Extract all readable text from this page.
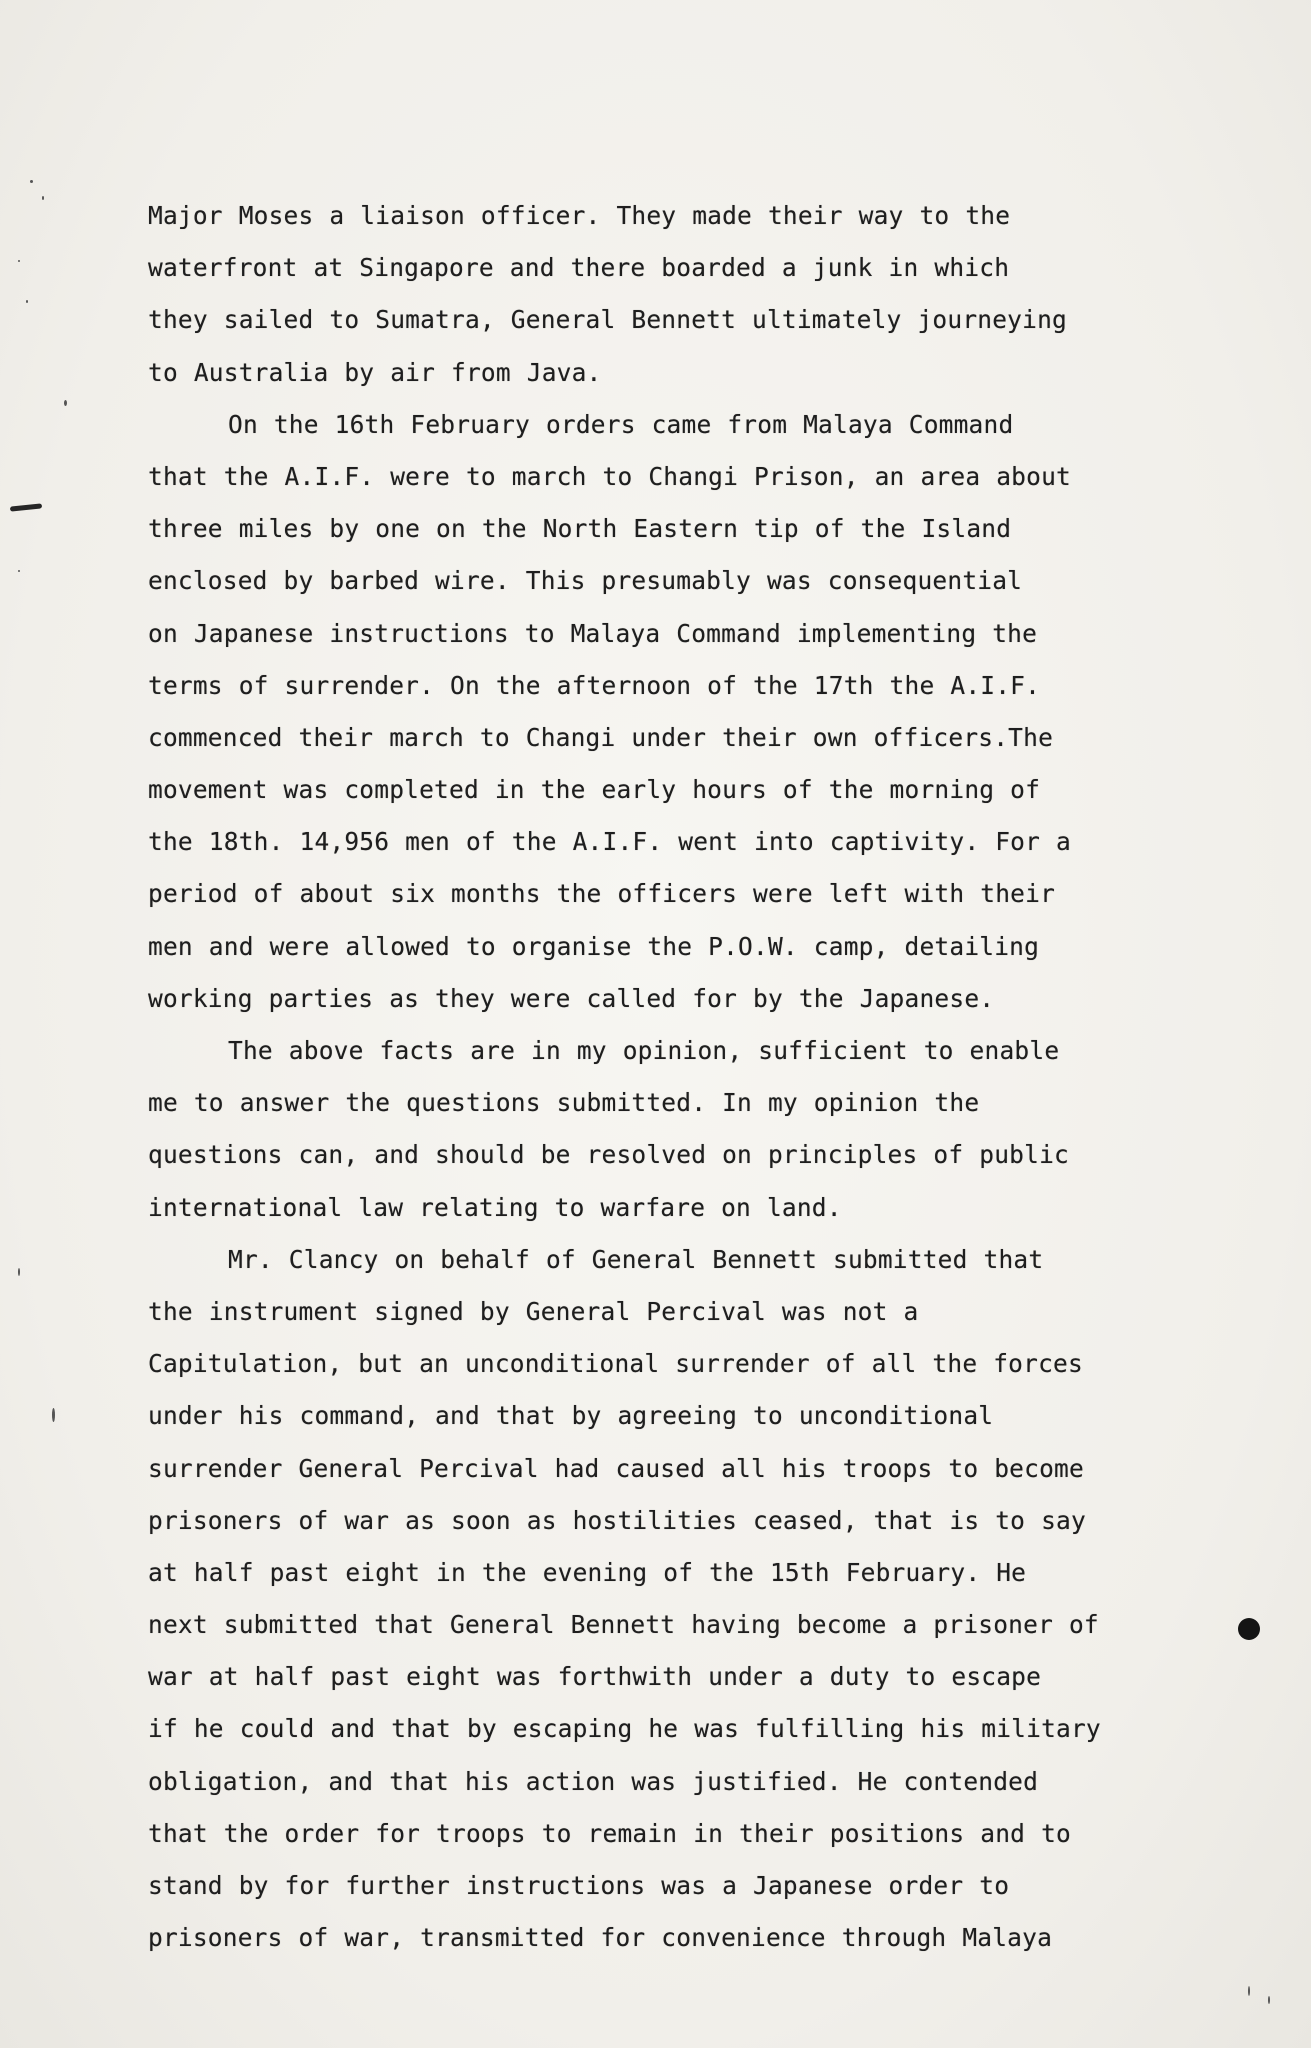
Major Moses a liaison officer. They made their way to the
waterfront at Singapore and there boarded a junk in which
they sailed to Sumatra, General Bennett ultimately journeying
to Australia by air from Java.
On the 16th February orders came from Malaya Command
that the A.I.F. were to march to Changi Prison, an area about
three miles by one on the North Eastern tip of the Island
enclosed by barbed wire. This presumably was consequential
on Japanese instructions to Malaya Command implementing the
terms of surrender. On the afternoon of the 17th the A.I.F.
commenced their march to Changi under their own officers.The
movement was completed in the early hours of the morning of
the 18th. 14,956 men of the A.I.F. went into captivity. For a
period of about six months the officers were left with their
men and were allowed to organise the P.O.W. camp, detailing
working parties as they were called for by the Japanese.
The above facts are in my opinion, sufficient to enable
me to answer the questions submitted. In my opinion the
questions can, and should be resolved on principles of public
international law relating to warfare on land.
Mr. Clancy on behalf of General Bennett submitted that
the instrument signed by General Percival was not a
Capitulation, but an unconditional surrender of all the forces
under his command, and that by agreeing to unconditional
surrender General Percival had caused all his troops to become
prisoners of war as soon as hostilities ceased, that is to say
at half past eight in the evening of the 15th February. He
next submitted that General Bennett having become a prisoner of
war at half past eight was forthwith under a duty to escape
if he could and that by escaping he was fulfilling his military
obligation, and that his action was justified. He contended
that the order for troops to remain in their positions and to
stand by for further instructions was a Japanese order to
prisoners of war, transmitted for convenience through Malaya
